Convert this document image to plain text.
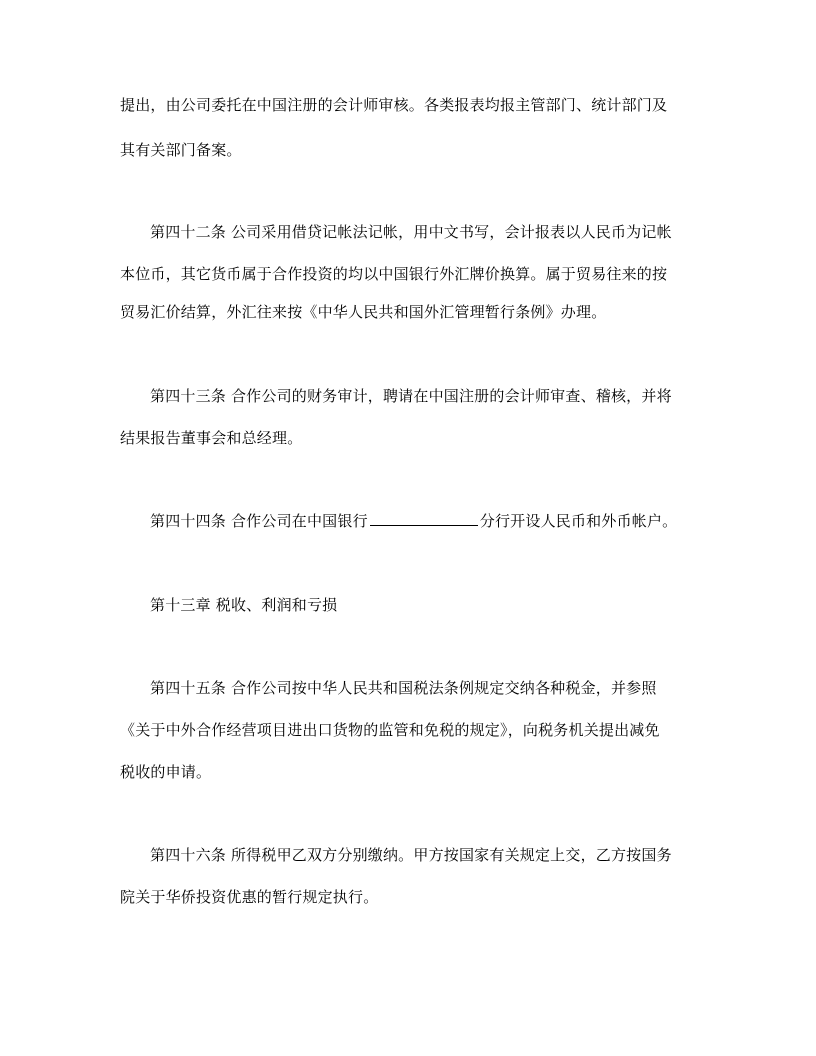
提出，由公司委托在中国注册的会计师审核。各类报表均报主管部门、统计部门及
其有关部门备案。
第四十二条 公司采用借贷记帐法记帐，用中文书写，会计报表以人民币为记帐
本位币，其它货币属于合作投资的均以中国银行外汇牌价换算。属于贸易往来的按
贸易汇价结算，外汇往来按《中华人民共和国外汇管理暂行条例》办理。
第四十三条 合作公司的财务审计，聘请在中国注册的会计师审查、稽核，并将
结果报告董事会和总经理。
第四十四条 合作公司在中国银行	分行开设人民币和外币帐户。
第十三章 税收、利润和亏损
第四十五条 合作公司按中华人民共和国税法条例规定交纳各种税金，并参照
《关于中外合作经营项目进出口货物的监管和免税的规定》，向税务机关提出减免
税收的申请。
第四十六条 所得税甲乙双方分别缴纳。甲方按国家有关规定上交，乙方按国务
院关于华侨投资优惠的暂行规定执行。
